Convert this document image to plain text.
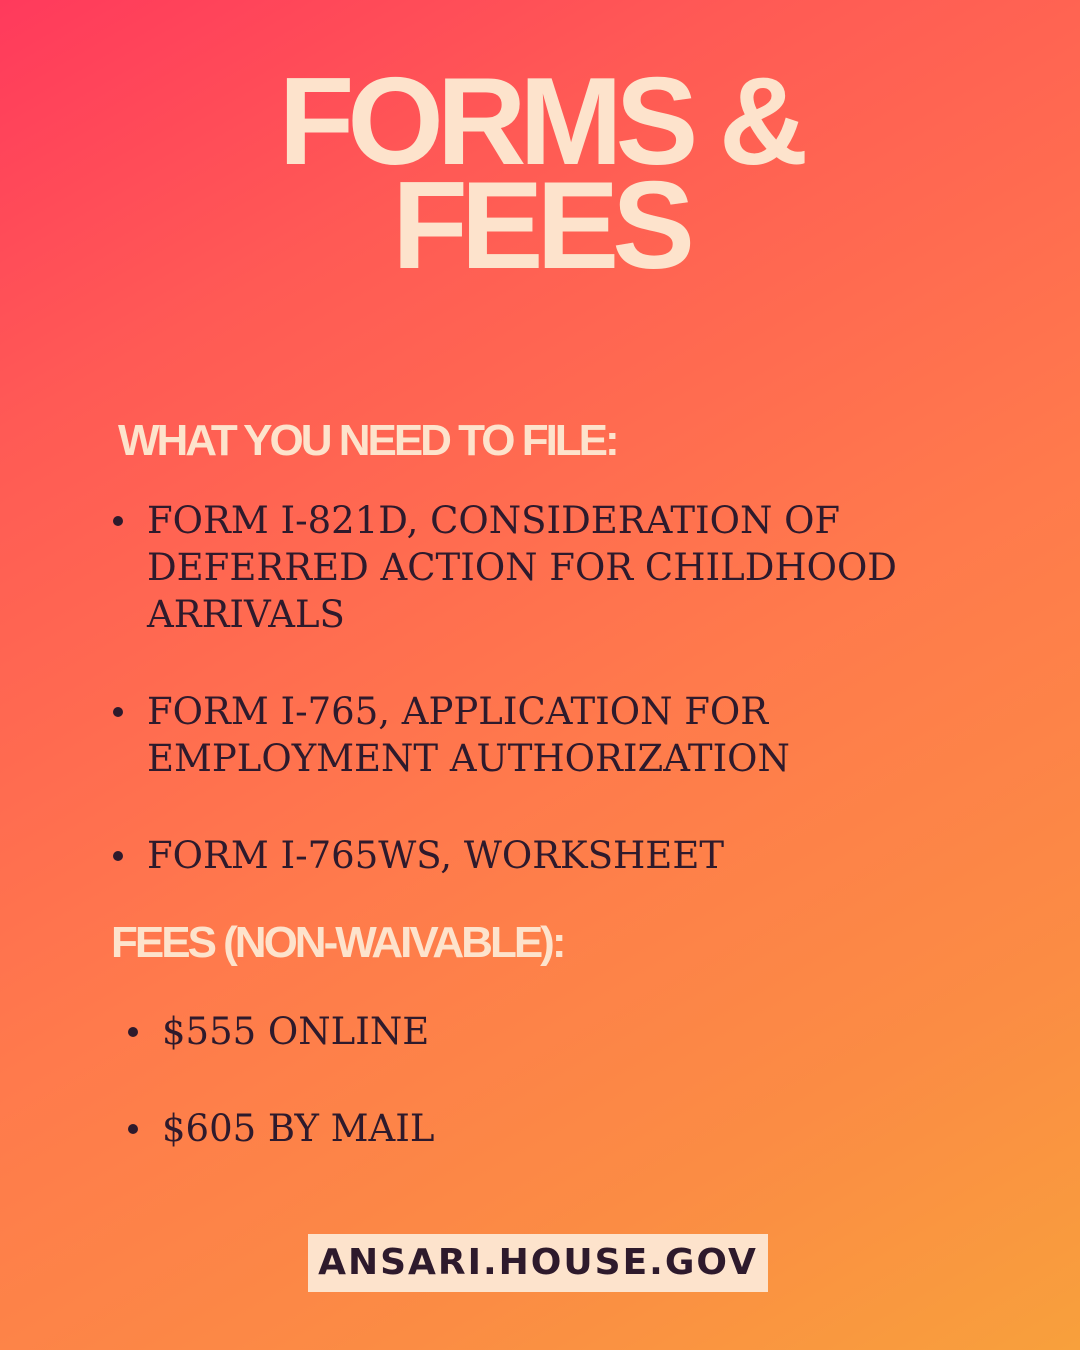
FORMS &
FEES
WHAT YOU NEED TO FILE:
FORM I-821D, CONSIDERATION OF DEFERRED ACTION FOR CHILDHOOD ARRIVALS
FORM I-765, APPLICATION FOR EMPLOYMENT AUTHORIZATION
FORM I-765WS, WORKSHEET
FEES (NON-WAIVABLE):
$555 ONLINE
$605 BY MAIL
ANSARI.HOUSE.GOV
